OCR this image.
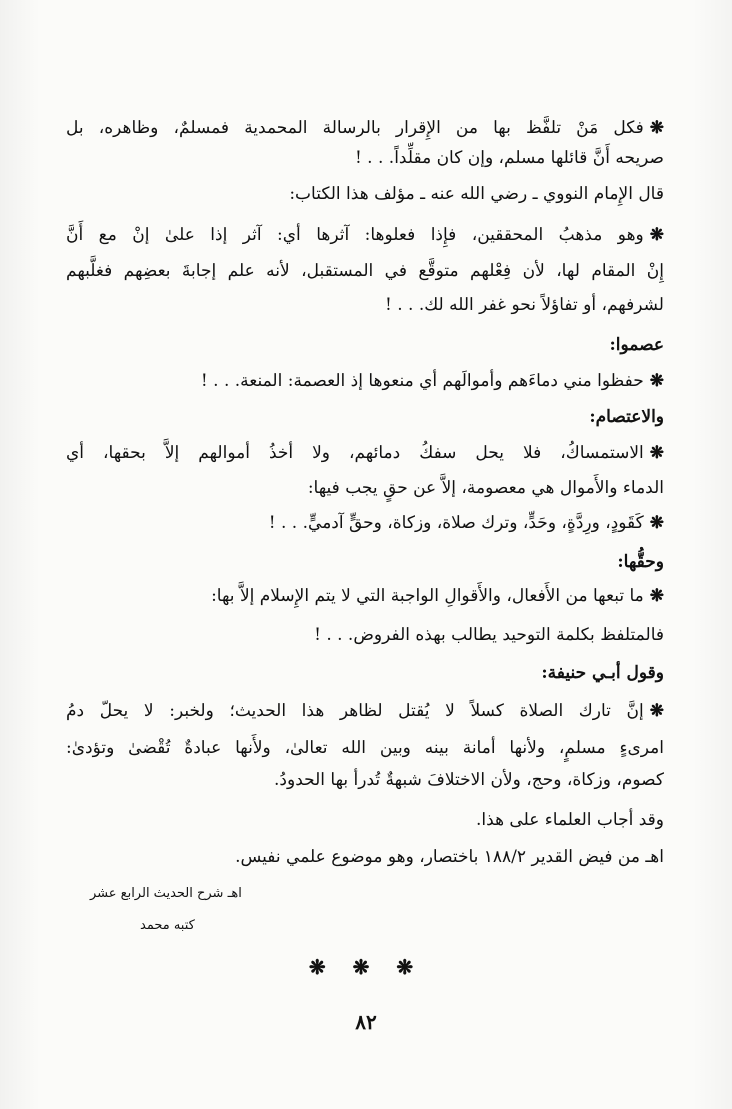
❋فكل مَنْ تلفَّظ بها من الإِقرار بالرسالة المحمدية فمسلمٌ، وظاهره، بل
صريحه أَنَّ قائلها مسلم، وإن كان مقلِّداً. . . !
قال الإِمام النووي ـ رضي الله عنه ـ مؤلف هذا الكتاب:
❋وهو مذهبُ المحققين، فإِذا فعلوها: آثرها أي: آثر إذا علىٰ إنْ مع أَنَّ
إِنْ المقام لها، لأن فِعْلهم متوقَّع في المستقبل، لأنه علم إجابةَ بعضِهم فغلَّبهم
لشرفهم، أو تفاؤلاً نحو غفر الله لك. . . !
عصموا:
❋حفظوا مني دماءَهم وأموالَهم أي منعوها إذ العصمة: المنعة. . . !
والاعتصام:
❋الاستمساكُ، فلا يحل سفكُ دمائهم، ولا أخذُ أموالهم إلاَّ بحقها، أي
الدماء والأَموال هي معصومة، إلاَّ عن حقٍ يجب فيها:
❋كَقَودٍ، ورِدَّةٍ، وحَدٍّ، وترك صلاة، وزكاة، وحقٍّ آدميٍّ. . . !
وحقُّها:
❋ما تبعها من الأَفعال، والأَقوالِ الواجبة التي لا يتم الإِسلام إلاَّ بها:
فالمتلفظ بكلمة التوحيد يطالب بهذه الفروض. . . !
وقول أبـي حنيفة:
❋إنَّ تارك الصلاة كسلاً لا يُقتل لظاهر هذا الحديث؛ ولخبر: لا يحلّ دمُ
امرىءٍ مسلمٍ، ولأنها أمانة بينه وبين الله تعالىٰ، ولأَنها عبادةٌ تُقْضىٰ وتؤدىٰ:
كصوم، وزكاة، وحج، ولأن الاختلافَ شبهةٌ تُدرأ بها الحدودُ.
وقد أجاب العلماء على هذا.
اهـ من فيض القدير ١٨٨/٢ باختصار، وهو موضوع علمي نفيس.
اهـ شرح الحديث الرابع عشر
كتبه محمد
❋ ❋ ❋
٨٢
